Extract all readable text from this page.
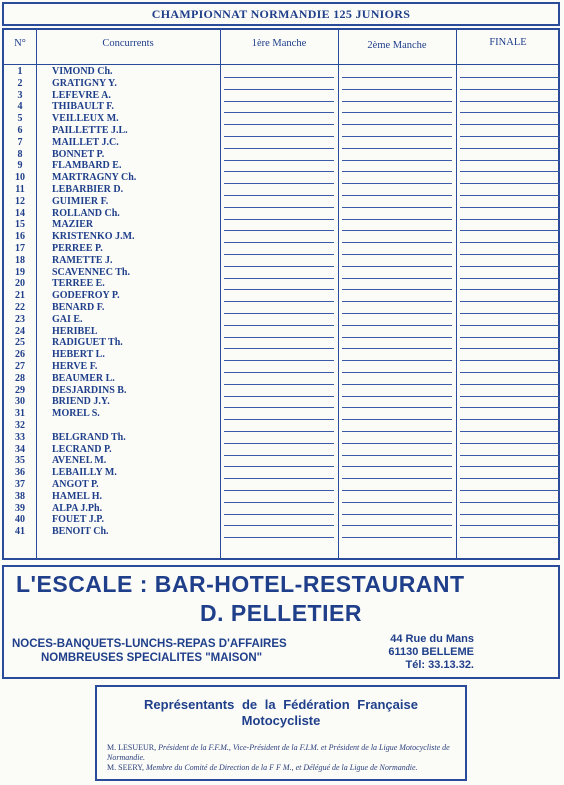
CHAMPIONNAT NORMANDIE 125 JUNIORS
N°	Concurrents	1ère Manche	2ème Manche	FINALE
1	VIMOND Ch.
2	GRATIGNY Y.
3	LEFEVRE A.
4	THIBAULT F.
5	VEILLEUX M.
6	PAILLETTE J.L.
7	MAILLET J.C.
8	BONNET P.
9	FLAMBARD E.
10	MARTRAGNY Ch.
11	LEBARBIER D.
12	GUIMIER F.
14	ROLLAND Ch.
15	MAZIER
16	KRISTENKO J.M.
17	PERREE P.
18	RAMETTE J.
19	SCAVENNEC Th.
20	TERREE E.
21	GODEFROY P.
22	BENARD F.
23	GAI E.
24	HERIBEL
25	RADIGUET Th.
26	HEBERT L.
27	HERVE F.
28	BEAUMER L.
29	DESJARDINS B.
30	BRIEND J.Y.
31	MOREL S.
32
33	BELGRAND Th.
34	LECRAND P.
35	AVENEL M.
36	LEBAILLY M.
37	ANGOT P.
38	HAMEL H.
39	ALPA J.Ph.
40	FOUET J.P.
41	BENOIT Ch.
L'ESCALE : BAR-HOTEL-RESTAURANT
D. PELLETIER
NOCES-BANQUETS-LUNCHS-REPAS D'AFFAIRES
NOMBREUSES SPECIALITES "MAISON"
44 Rue du Mans
61130 BELLEME
Tél: 33.13.32.
Représentants de la Fédération Française
Motocycliste
M. LESUEUR, Président de la F.F.M., Vice-Président de la F.I.M. et Président de la Ligue Motocycliste de Normandie.
M. SEERY, Membre du Comité de Direction de la F F M., et Délégué de la Ligue de Normandie.
